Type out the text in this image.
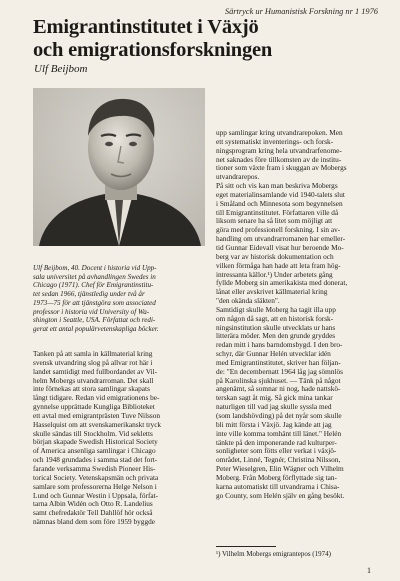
Särtryck ur Humanistisk Forskning nr 1 1976
Emigrantinstitutet i Växjö
och emigrationsforskningen
Ulf Beijbom
Ulf Beijbom, 40. Docent i historia vid Upp-
sala universitet på avhandlingen Swedes in
Chicago (1971). Chef för Emigrantinstitu-
tet sedan 1966, tjänstledig under två år
1973—75 för att tjänstgöra som associated
professor i historia vid University of Wa-
shington i Seattle, USA. Författat och redi-
gerat ett antal populärvetenskapliga böcker.
Tanken på att samla in källmaterial kring
svensk utvandring slog på allvar rot här i
landet samtidigt med fullbordandet av Vil-
helm Mobergs utvandrarroman. Det skall
inte förnekas att stora samlingar skapats
långt tidigare. Redan vid emigrationens be-
gynnelse upprättade Kungliga Biblioteket
ett avtal med emigrantprästen Tuve Nilsson
Hasselquist om att svenskamerikanskt tryck
skulle sändas till Stockholm. Vid sekletts
början skapade Swedish Historical Society
of America ansenliga samlingar i Chicago
och 1948 grundades i samma stad det fort-
farande verksamma Swedish Pioneer His-
torical Society. Vetenskapsmän och privata
samlare som professorerna Helge Nelson i
Lund och Gunnar Westin i Uppsala, förfat-
tarna Albin Widén och Otto R. Landelius
samt chefredaktör Tell Dahllöf hör också
nämnas bland dem som före 1959 byggde
upp samlingar kring utvandrarepoken. Men
ett systematiskt inventerings- och forsk-
ningsprogram kring hela utvandrarfenome-
net saknades före tillkomsten av de institu-
tioner som växte fram i skuggan av Mobergs
utvandrarepos.
På sitt och vis kan man beskriva Mobergs
eget materialinsamlande vid 1940-talets slut
i Småland och Minnesota som begynnelsen
till Emigrantinstitutet. Författaren ville då
liksom senare ha så litet som möjligt att
göra med professionell forskning. I sin av-
handling om utvandrarromanen har emeller-
tid Gunnar Eidevall visat hur beroende Mo-
berg var av historisk dokumentation och
vilken förmåga han hade att leta fram hög-
intressanta källor.¹) Under arbetets gång
fyllde Moberg sin amerikakista med donerat,
lånat eller avskrivet källmaterial kring
"den okända släkten".
Samtidigt skulle Moberg ha tagit illa upp
om någon då sagt, att en historisk forsk-
ningsinstitution skulle utvecklats ur hans
litterära möder. Men den grunde gryddes
redan mitt i hans barndomsbygd. I den bro-
schyr, där Gunnar Helén utvecklar idén
med Emigrantinstitutet, skriver han följan-
de: "En decembernatt 1964 låg jag sömnlös
på Karolinska sjukhuset. — Tänk på något
angenämt, så somnar ni nog, hade nattskö-
terskan sagt åt mig. Så gick mina tankar
naturligen till vad jag skulle syssla med
(som landshövding) på det nyår som skulle
bli mitt första i Växjö. Jag kände att jag
inte ville komma tomhänt till länet." Helén
tänkte på den imponerande rad kulturper-
sonligheter som fötts eller verkat i växjö-
området, Linné, Tegnér, Christina Nilsson,
Peter Wieselgren, Elin Wägner och Vilhelm
Moberg. Från Moberg förflyttade sig tan-
karna automatiskt till utvandrarna i Chisa-
go County, som Helén själv en gång besökt.
¹) Vilhelm Mobergs emigrantepos (1974)
1
